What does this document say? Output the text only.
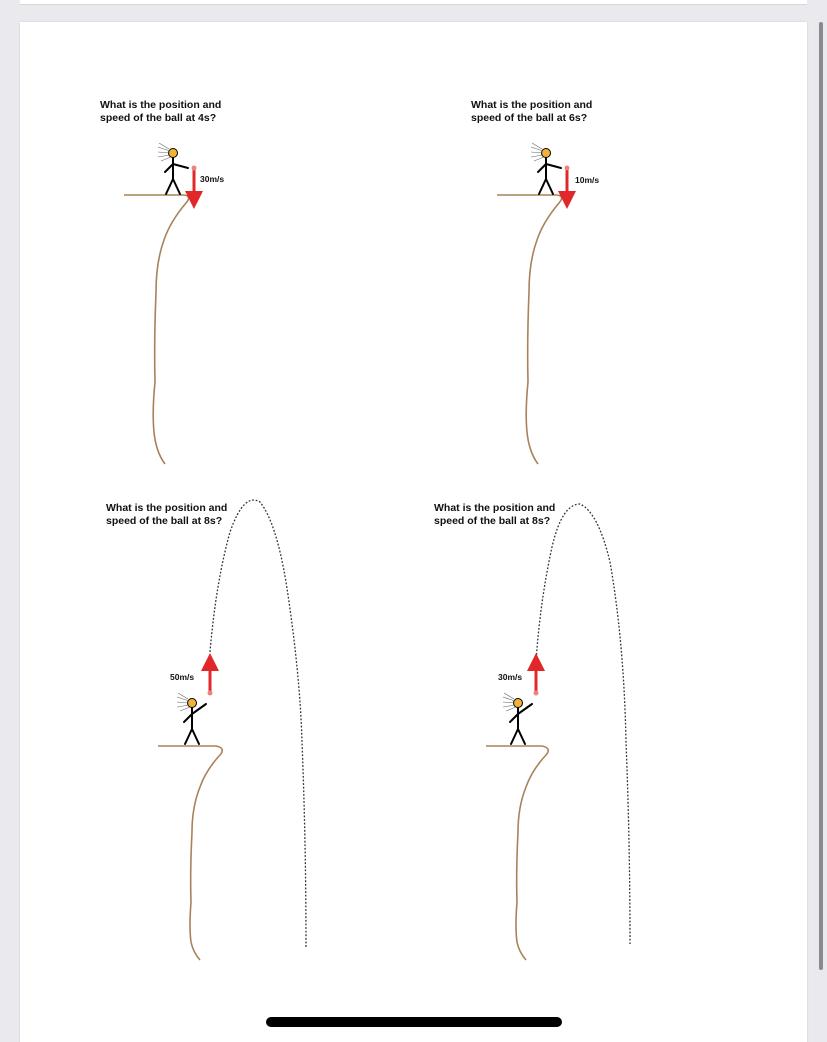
What is the position and
speed of the ball at 4s?
30m/s
What is the position and
speed of the ball at 6s?
10m/s
What is the position and
speed of the ball at 8s?
50m/s
What is the position and
speed of the ball at 8s?
30m/s
